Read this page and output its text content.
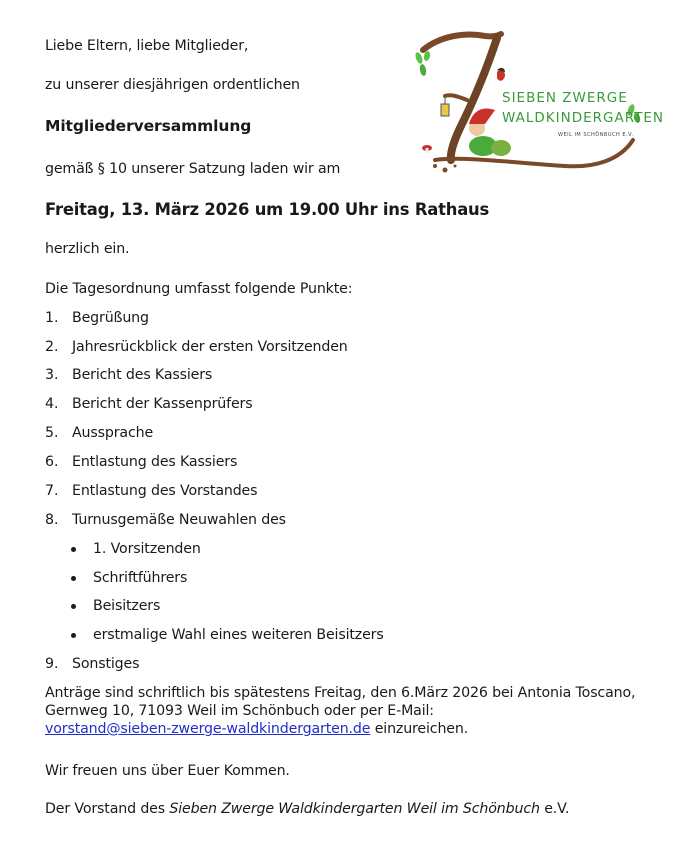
SIEBEN ZWERGE
WALDKINDERGARTEN
WEIL IM SCHÖNBUCH E.V.
Liebe Eltern, liebe Mitglieder,
zu unserer diesjährigen ordentlichen
Mitgliederversammlung
gemäß § 10 unserer Satzung laden wir am
Freitag, 13. März 2026 um 19.00 Uhr ins Rathaus
herzlich ein.
Die Tagesordnung umfasst folgende Punkte:
1. Begrüßung
2. Jahresrückblick der ersten Vorsitzenden
3. Bericht des Kassiers
4. Bericht der Kassenprüfers
5. Aussprache
6. Entlastung des Kassiers
7. Entlastung des Vorstandes
8. Turnusgemäße Neuwahlen des
1. Vorsitzenden
Schriftführers
Beisitzers
erstmalige Wahl eines weiteren Beisitzers
9. Sonstiges
Anträge sind schriftlich bis spätestens Freitag, den 6.März 2026 bei Antonia Toscano, Gernweg 10, 71093 Weil im Schönbuch oder per E-Mail:
vorstand@sieben-zwerge-waldkindergarten.de einzureichen.
Wir freuen uns über Euer Kommen.
Der Vorstand des Sieben Zwerge Waldkindergarten Weil im Schönbuch e.V.
